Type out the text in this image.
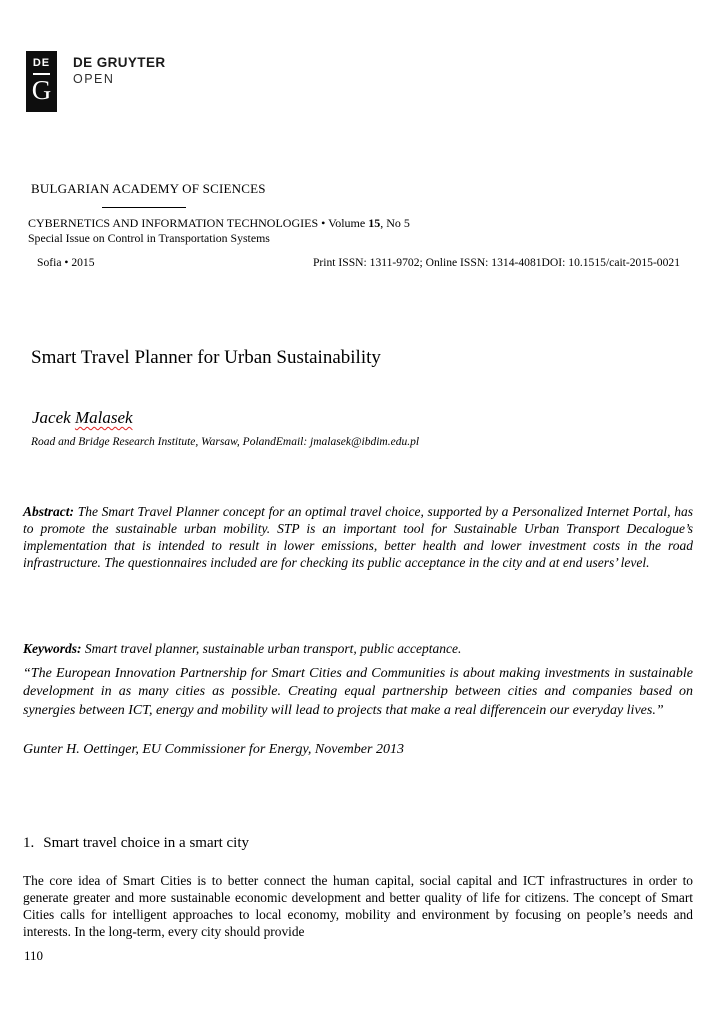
DE
G
DE GRUYTER
OPEN
BULGARIAN ACADEMY OF SCIENCES
CYBERNETICS AND INFORMATION TECHNOLOGIES • Volume 15, No 5
Special Issue on Control in Transportation Systems
Sofia • 2015	Print ISSN: 1311-9702; Online ISSN: 1314-4081DOI: 10.1515/cait-2015-0021
Smart Travel Planner for Urban Sustainability
Jacek Malasek
Road and Bridge Research Institute, Warsaw, PolandEmail: jmalasek@ibdim.edu.pl

Abstract: The Smart Travel Planner concept for an optimal travel choice, supported by a Personalized Internet Portal, has to promote the sustainable urban mobility. STP is an important tool for Sustainable Urban Transport Decalogue’s implementation that is intended to result in lower emissions, better health and lower investment costs in the road infrastructure. The questionnaires included are for checking its public acceptance in the city and at end users’ level.

Keywords: Smart travel planner, sustainable urban transport, public acceptance.

“The European Innovation Partnership for Smart Cities and Communities is about making investments in sustainable development in as many cities as possible. Creating equal partnership between cities and companies based on synergies between ICT, energy and mobility will lead to projects that make a real differencein our everyday lives.”

Gunter H. Oettinger, EU Commissioner for Energy, November 2013
1. Smart travel choice in a smart city

The core idea of Smart Cities is to better connect the human capital, social capital and ICT infrastructures in order to generate greater and more sustainable economic development and better quality of life for citizens. The concept of Smart Cities calls for intelligent approaches to local economy, mobility and environment by focusing on people’s needs and interests. In the long-term, every city should provide

110
